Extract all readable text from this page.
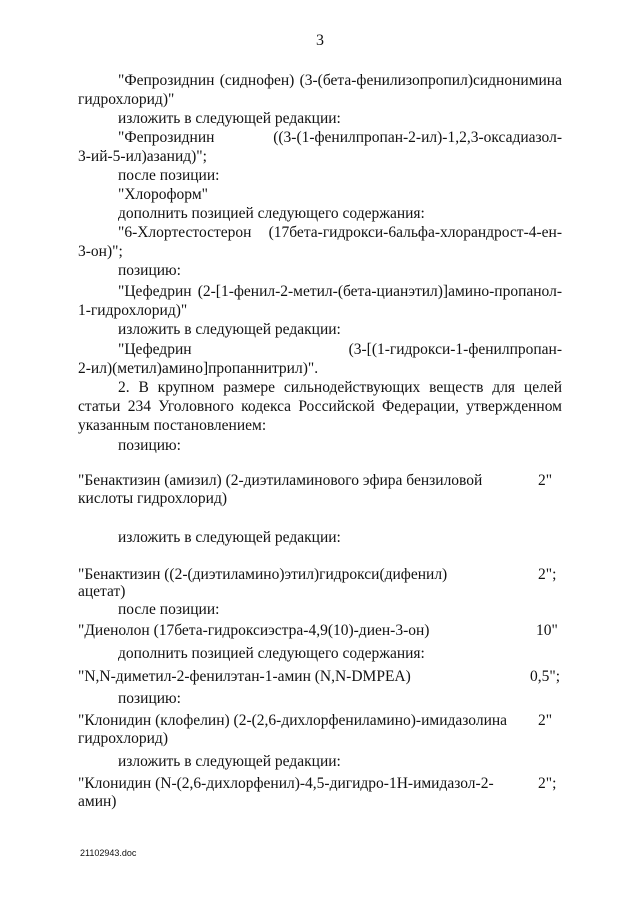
3
"Фепрозиднин (сиднофен) (3-(бета-фенилизопропил)сиднонимина
гидрохлорид)"
изложить в следующей редакции:
"Фепрозиднин	((3-(1-фенилпропан-2-ил)-1,2,3-оксадиазол-
3-ий-5-ил)азанид)";
после позиции:
"Хлороформ"
дополнить позицией следующего содержания:
"6-Хлортестостерон (17бета-гидрокси-6альфа-хлорандрост-4-ен-
3-он)";
позицию:
"Цефедрин (2-[1-фенил-2-метил-(бета-цианэтил)]амино-пропанол-
1-гидрохлорид)"
изложить в следующей редакции:
"Цефедрин	(3-[(1-гидрокси-1-фенилпропан-
2-ил)(метил)амино]пропаннитрил)".
2. В крупном размере сильнодействующих веществ для целей
статьи 234 Уголовного кодекса Российской Федерации, утвержденном
указанным постановлением:
позицию:
"Бенактизин (амизил) (2-диэтиламинового эфира бензиловой	2"
кислоты гидрохлорид)
изложить в следующей редакции:
"Бенактизин ((2-(диэтиламино)этил)гидрокси(дифенил)	2";
ацетат)
после позиции:
"Диенолон (17бета-гидроксиэстра-4,9(10)-диен-3-он)	10"
дополнить позицией следующего содержания:
"N,N-диметил-2-фенилэтан-1-амин (N,N-DMPEA)	0,5";
позицию:
"Клонидин (клофелин) (2-(2,6-дихлорфениламино)-имидазолина 2"
гидрохлорид)
изложить в следующей редакции:
"Клонидин (N-(2,6-дихлорфенил)-4,5-дигидро-1H-имидазол-2-	2";
амин)
21102943.doc
